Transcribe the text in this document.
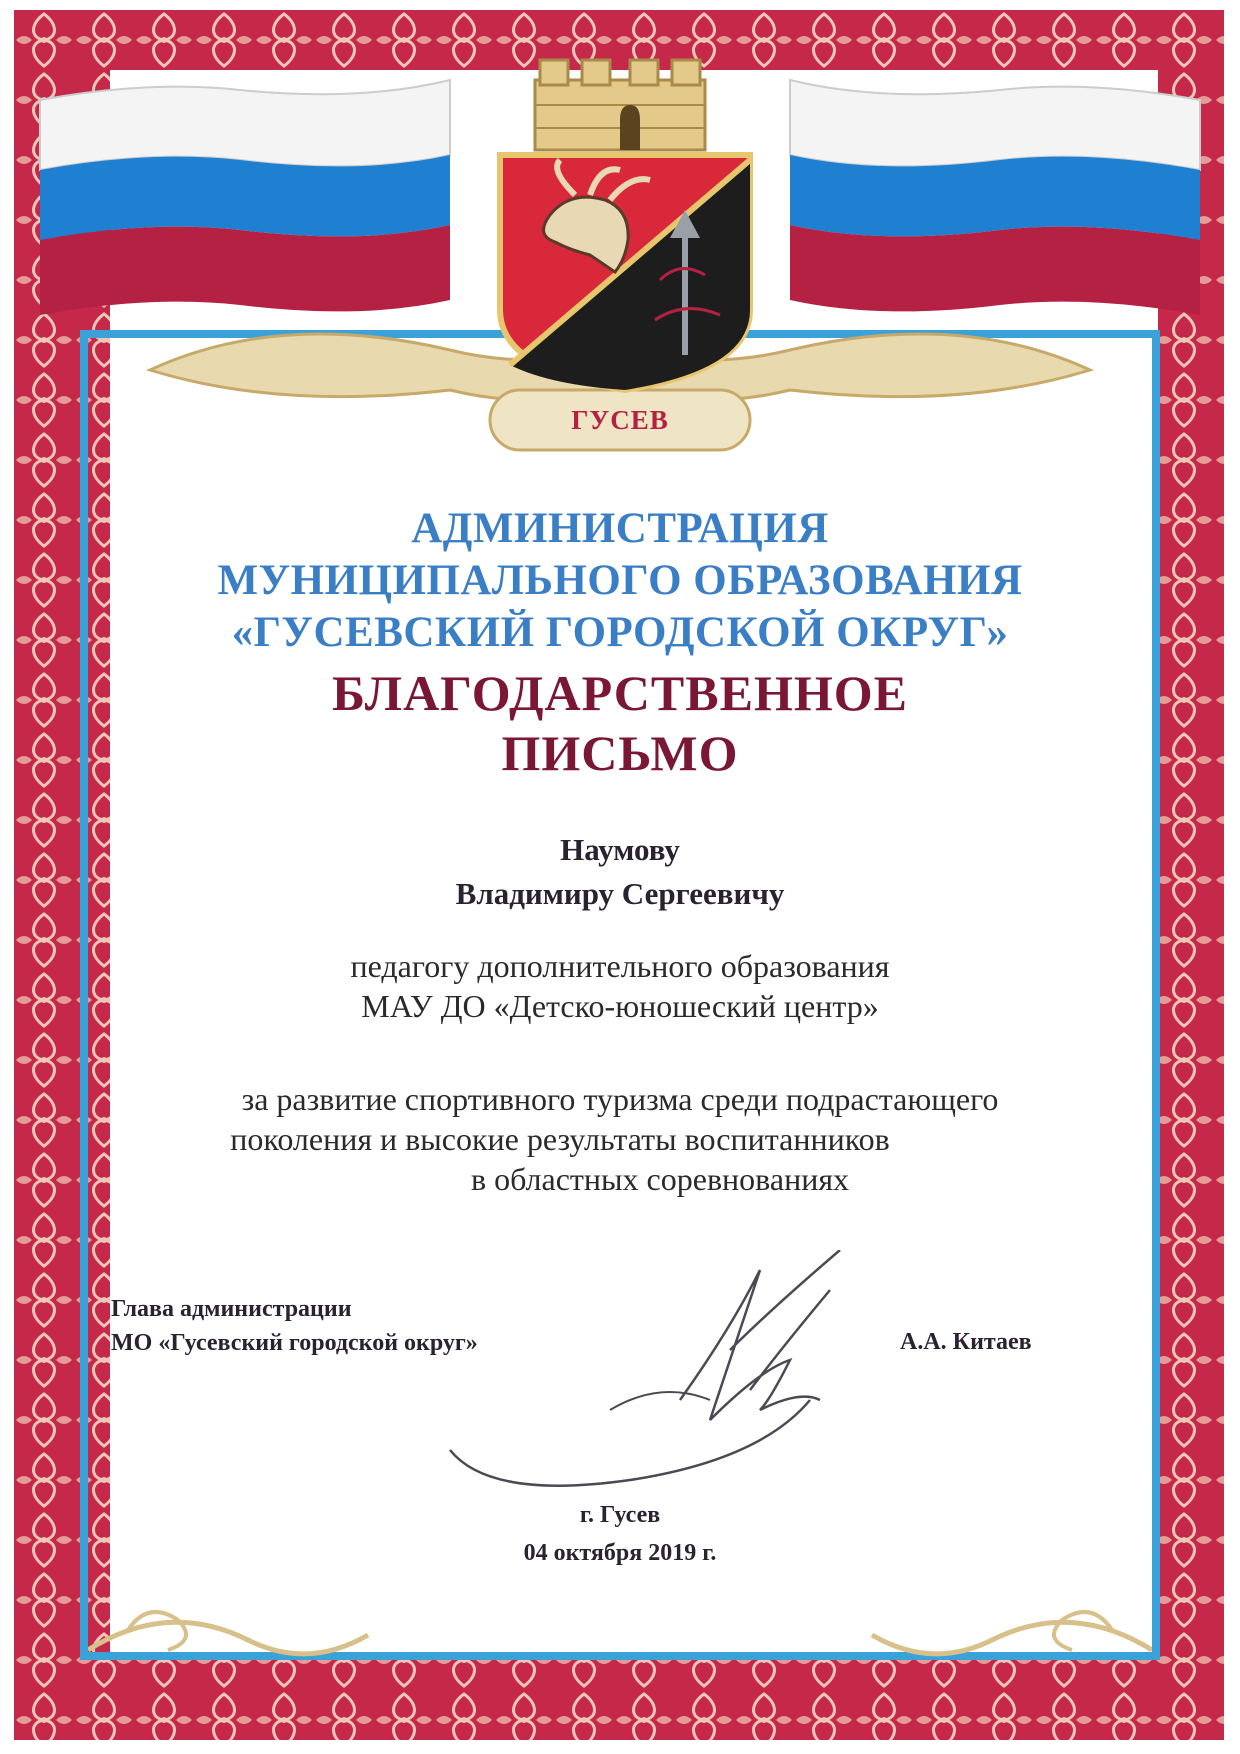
ГУСЕВ
АДМИНИСТРАЦИЯ
МУНИЦИПАЛЬНОГО ОБРАЗОВАНИЯ
«ГУСЕВСКИЙ ГОРОДСКОЙ ОКРУГ»
БЛАГОДАРСТВЕННОЕ
ПИСЬМО
Наумову
Владимиру Сергеевичу
педагогу дополнительного образования
МАУ ДО «Детско-юношеский центр»
за развитие спортивного туризма среди подрастающего
поколения и высокие результаты воспитанников
в областных соревнованиях
Глава администрации
МО «Гусевский городской округ»	А.А. Китаев
г. Гусев
04 октября 2019 г.
